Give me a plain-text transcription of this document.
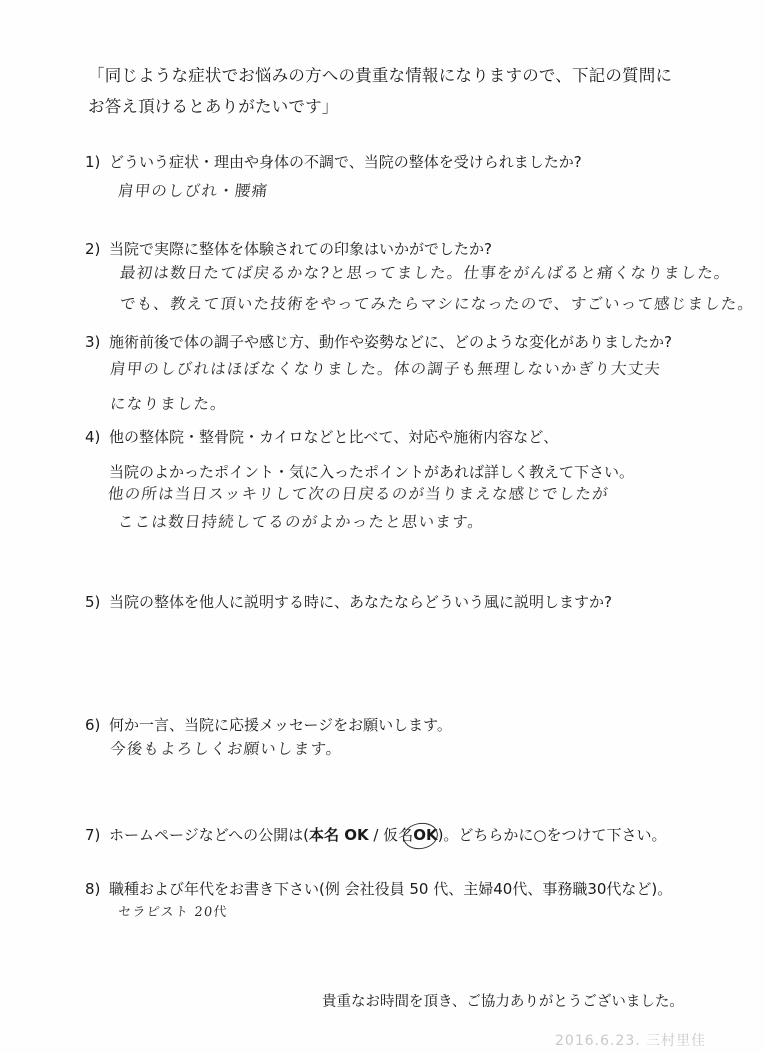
「同じような症状でお悩みの方への貴重な情報になりますので、下記の質問に
お答え頂けるとありがたいです」
1) どういう症状・理由や身体の不調で、当院の整体を受けられましたか?
肩甲のしびれ・腰痛
2) 当院で実際に整体を体験されての印象はいかがでしたか?
最初は数日たてば戻るかな?と思ってました。仕事をがんばると痛くなりました。
でも、教えて頂いた技術をやってみたらマシになったので、すごいって感じました。
3) 施術前後で体の調子や感じ方、動作や姿勢などに、どのような変化がありましたか?
肩甲のしびれはほぼなくなりました。体の調子も無理しないかぎり大丈夫
になりました。
4) 他の整体院・整骨院・カイロなどと比べて、対応や施術内容など、
当院のよかったポイント・気に入ったポイントがあれば詳しく教えて下さい。
他の所は当日スッキリして次の日戻るのが当りまえな感じでしたが
ここは数日持続してるのがよかったと思います。
5) 当院の整体を他人に説明する時に、あなたならどういう風に説明しますか?
6) 何か一言、当院に応援メッセージをお願いします。
今後もよろしくお願いします。
7) ホームページなどへの公開は(本名 OK / 仮名OK)。どちらかに○をつけて下さい。
8) 職種および年代をお書き下さい(例 会社役員 50 代、主婦40代、事務職30代など)。
セラピスト 20代
貴重なお時間を頂き、ご協力ありがとうございました。
2016.6.23. 三村里佳
